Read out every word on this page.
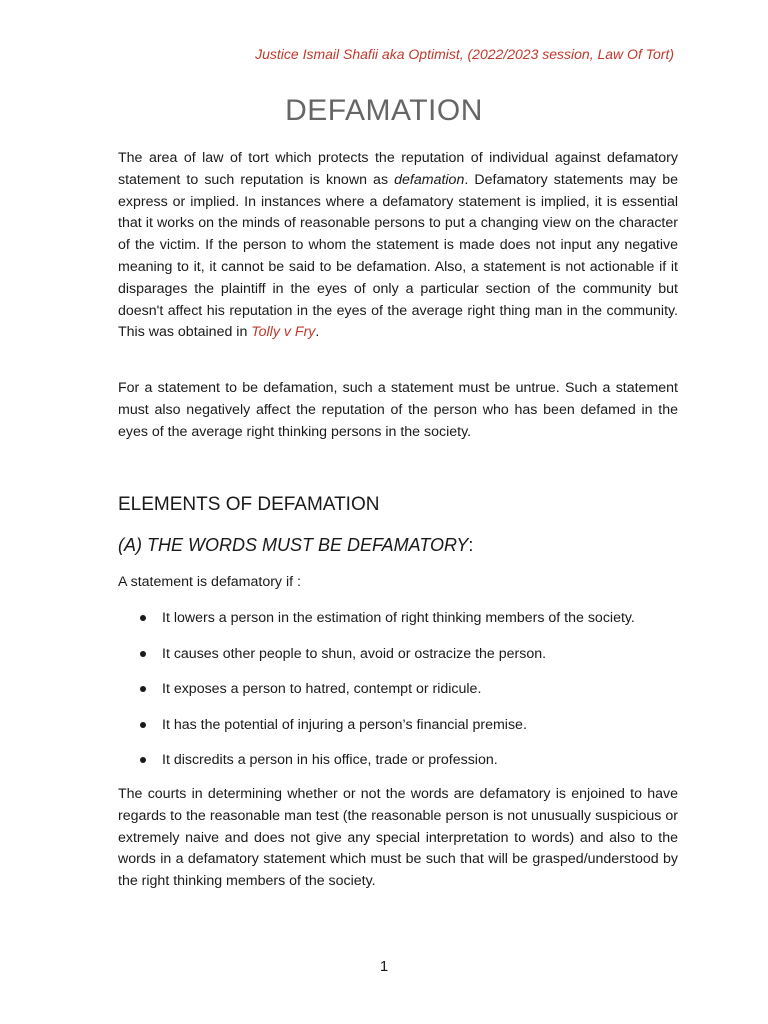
Justice Ismail Shafii aka Optimist, (2022/2023 session, Law Of Tort)
DEFAMATION

The area of law of tort which protects the reputation of individual against defamatory statement to such reputation is known as defamation. Defamatory statements may be express or implied. In instances where a defamatory statement is implied, it is essential that it works on the minds of reasonable persons to put a changing view on the character of the victim. If the person to whom the statement is made does not input any negative meaning to it, it cannot be said to be defamation. Also, a statement is not actionable if it disparages the plaintiff in the eyes of only a particular section of the community but doesn't affect his reputation in the eyes of the average right thing man in the community. This was obtained in Tolly v Fry.

For a statement to be defamation, such a statement must be untrue. Such a statement must also negatively affect the reputation of the person who has been defamed in the eyes of the average right thinking persons in the society.

ELEMENTS OF DEFAMATION
(A) THE WORDS MUST BE DEFAMATORY:

A statement is defamatory if :

It lowers a person in the estimation of right thinking members of the society.
It causes other people to shun, avoid or ostracize the person.
It exposes a person to hatred, contempt or ridicule.
It has the potential of injuring a person’s financial premise.
It discredits a person in his office, trade or profession.

The courts in determining whether or not the words are defamatory is enjoined to have regards to the reasonable man test (the reasonable person is not unusually suspicious or extremely naive and does not give any special interpretation to words) and also to the words in a defamatory statement which must be such that will be grasped/understood by the right thinking members of the society.

1
